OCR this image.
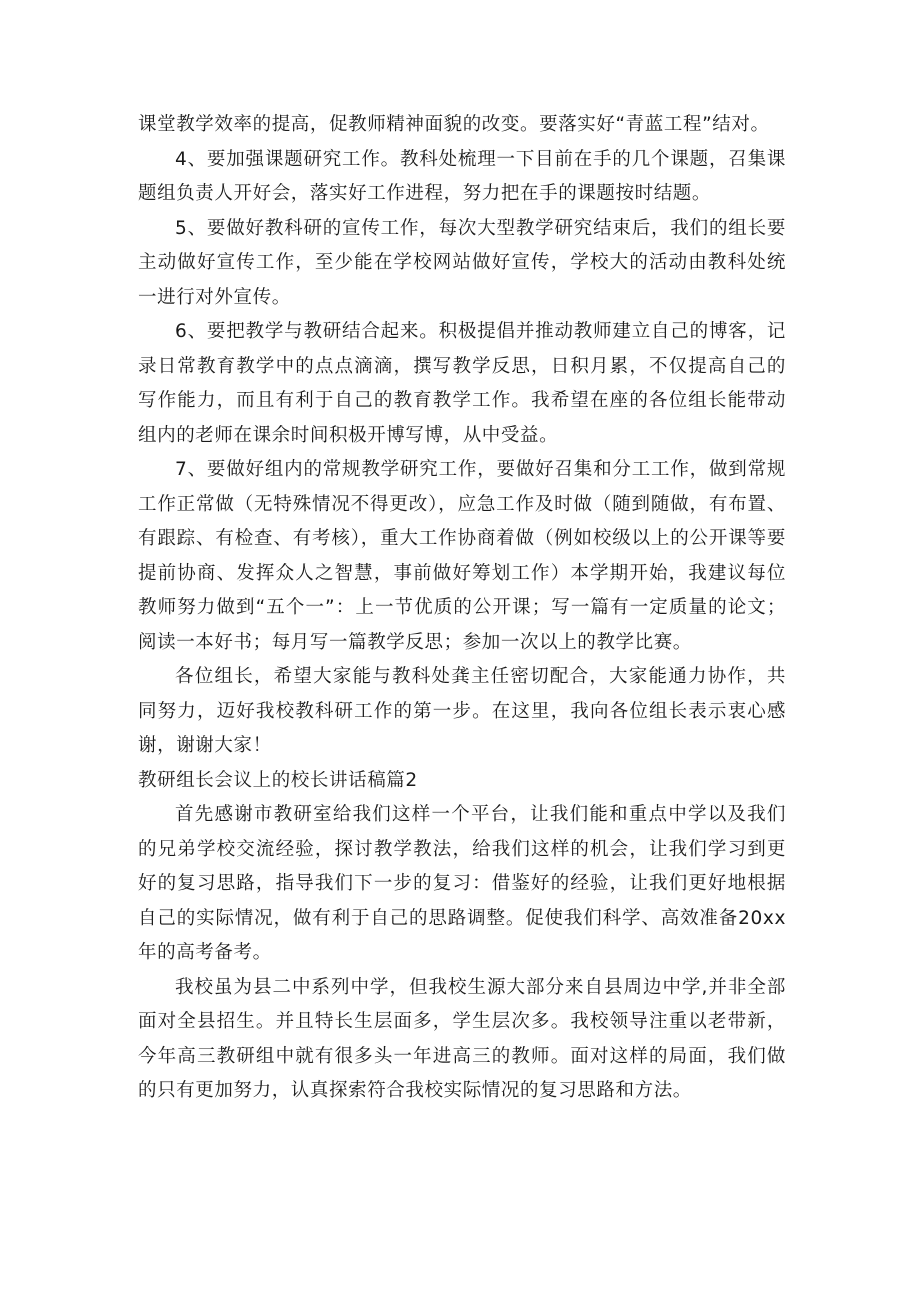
课堂教学效率的提高，促教师精神面貌的改变。要落实好“青蓝工程”结对。

4、要加强课题研究工作。教科处梳理一下目前在手的几个课题，召集课题组负责人开好会，落实好工作进程，努力把在手的课题按时结题。

5、要做好教科研的宣传工作，每次大型教学研究结束后，我们的组长要主动做好宣传工作，至少能在学校网站做好宣传，学校大的活动由教科处统一进行对外宣传。

6、要把教学与教研结合起来。积极提倡并推动教师建立自己的博客，记录日常教育教学中的点点滴滴，撰写教学反思，日积月累，不仅提高自己的写作能力，而且有利于自己的教育教学工作。我希望在座的各位组长能带动组内的老师在课余时间积极开博写博，从中受益。

7、要做好组内的常规教学研究工作，要做好召集和分工工作，做到常规工作正常做（无特殊情况不得更改），应急工作及时做（随到随做，有布置、有跟踪、有检查、有考核），重大工作协商着做（例如校级以上的公开课等要提前协商、发挥众人之智慧，事前做好筹划工作）本学期开始，我建议每位教师努力做到“五个一”：上一节优质的公开课；写一篇有一定质量的论文；阅读一本好书；每月写一篇教学反思；参加一次以上的教学比赛。

各位组长，希望大家能与教科处龚主任密切配合，大家能通力协作，共同努力，迈好我校教科研工作的第一步。在这里，我向各位组长表示衷心感谢，谢谢大家！

教研组长会议上的校长讲话稿篇2

首先感谢市教研室给我们这样一个平台，让我们能和重点中学以及我们的兄弟学校交流经验，探讨教学教法，给我们这样的机会，让我们学习到更好的复习思路，指导我们下一步的复习：借鉴好的经验，让我们更好地根据自己的实际情况，做有利于自己的思路调整。促使我们科学、高效准备20xx年的高考备考。

我校虽为县二中系列中学，但我校生源大部分来自县周边中学,并非全部面对全县招生。并且特长生层面多，学生层次多。我校领导注重以老带新，今年高三教研组中就有很多头一年进高三的教师。面对这样的局面，我们做的只有更加努力，认真探索符合我校实际情况的复习思路和方法。
